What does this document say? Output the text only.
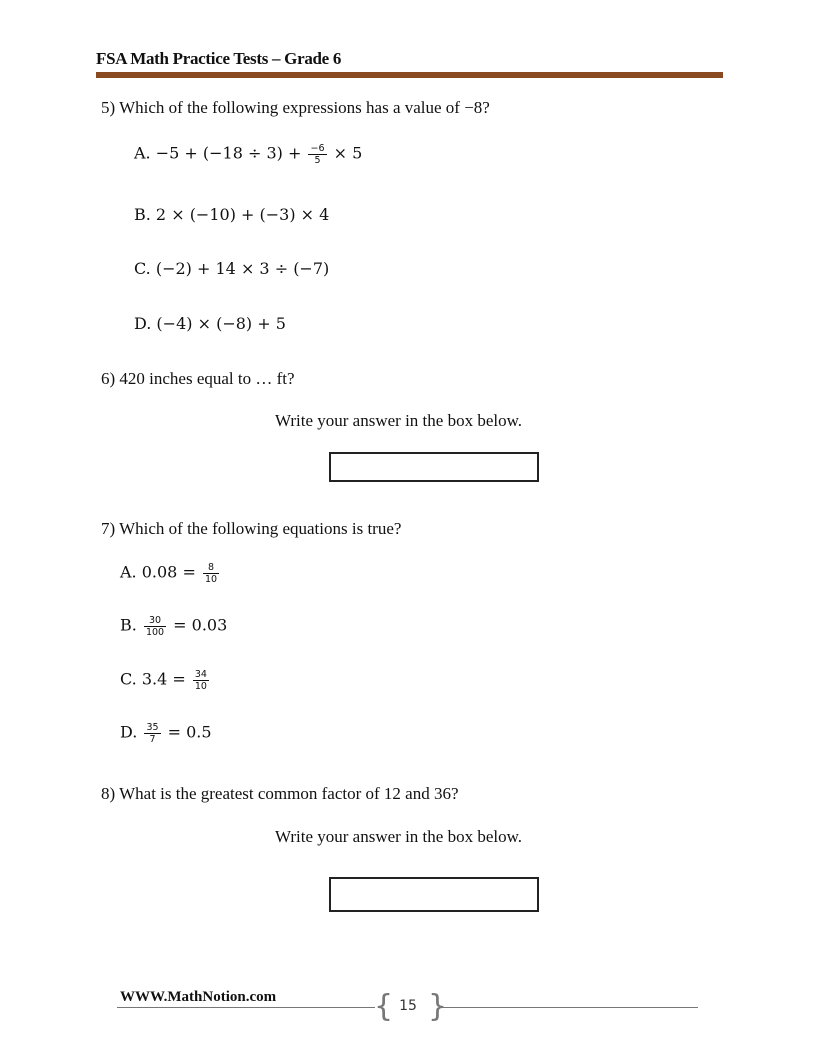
FSA Math Practice Tests – Grade 6
5) Which of the following expressions has a value of −8?
A. $-5 + (-18 \div 3) + \frac{-6}{5} \times 5$
B. 2 × (−10) + (−3) × 4
C. (−2) + 14 × 3 ÷ (−7)
D. (−4) × (−8) + 5
6) 420 inches equal to … ft?
Write your answer in the box below.
7) Which of the following equations is true?
A. $0.08 = \frac{8}{10}$
B. $\frac{30}{100} = 0.03$
C. $3.4 = \frac{34}{10}$
D. $\frac{35}{7} = 0.5$
8) What is the greatest common factor of 12 and 36?
Write your answer in the box below.
WWW.MathNotion.com	{ 15 }
